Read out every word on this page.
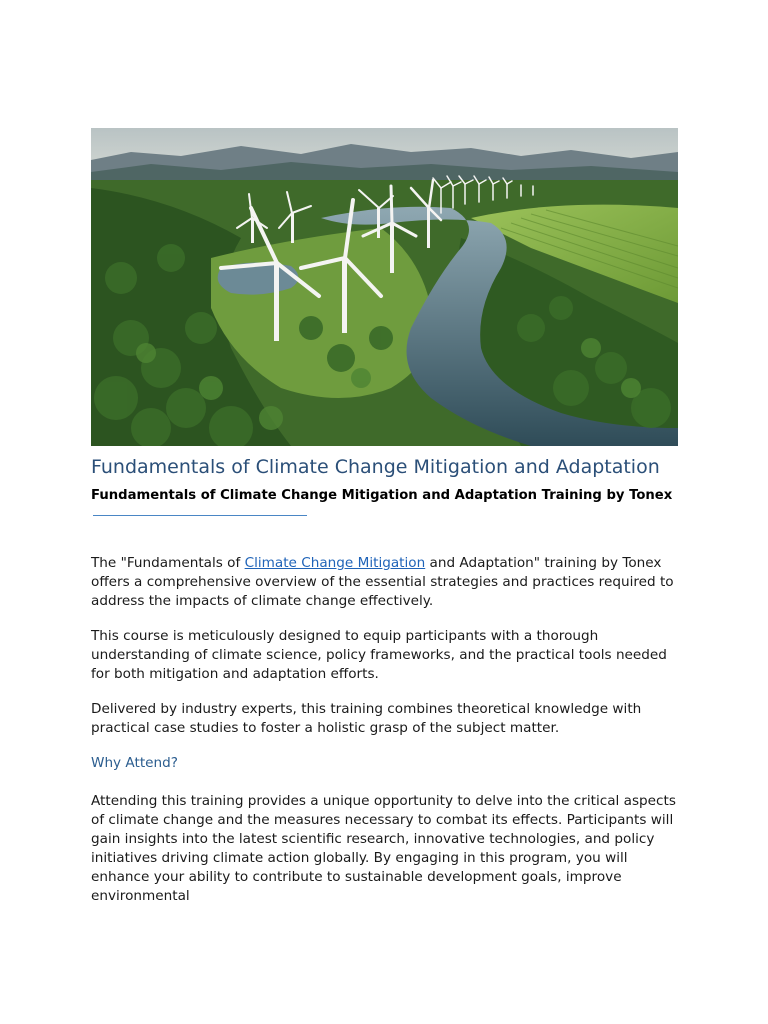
Fundamentals of Climate Change Mitigation and Adaptation

Fundamentals of Climate Change Mitigation and Adaptation Training by Tonex

The "Fundamentals of Climate Change Mitigation and Adaptation" training by Tonex offers a comprehensive overview of the essential strategies and practices required to address the impacts of climate change effectively.

This course is meticulously designed to equip participants with a thorough understanding of climate science, policy frameworks, and the practical tools needed for both mitigation and adaptation efforts.

Delivered by industry experts, this training combines theoretical knowledge with practical case studies to foster a holistic grasp of the subject matter.

Why Attend?

Attending this training provides a unique opportunity to delve into the critical aspects of climate change and the measures necessary to combat its effects. Participants will gain insights into the latest scientific research, innovative technologies, and policy initiatives driving climate action globally. By engaging in this program, you will enhance your ability to contribute to sustainable development goals, improve environmental
